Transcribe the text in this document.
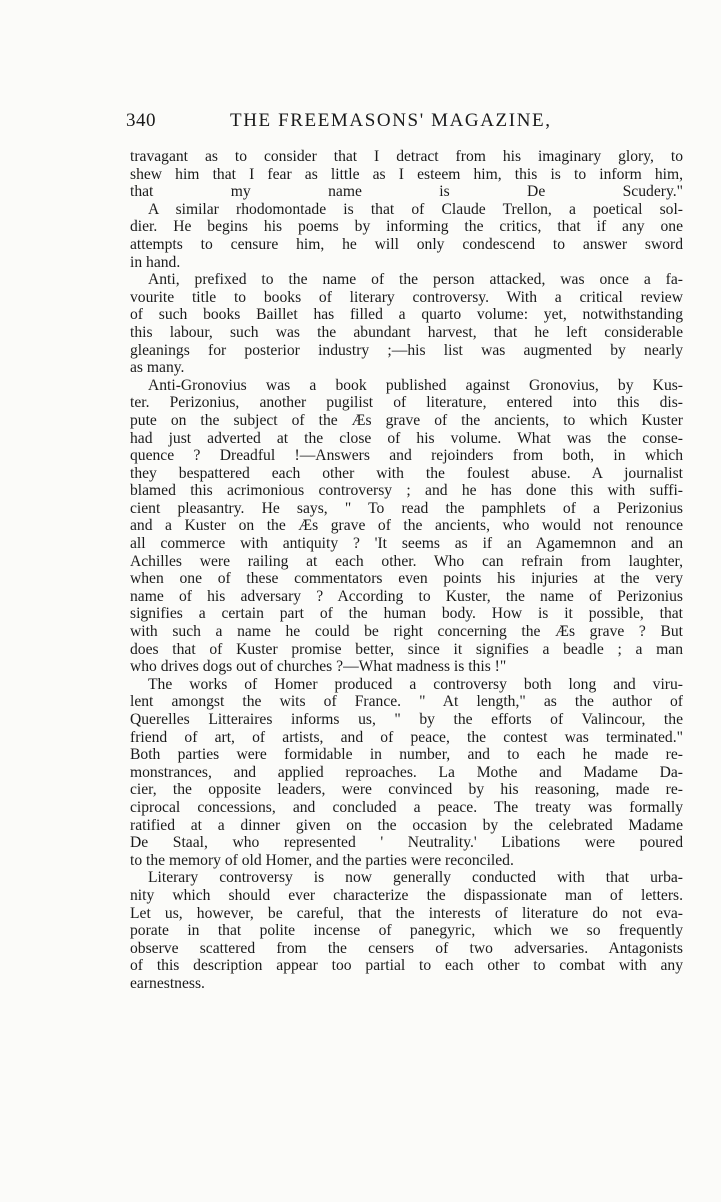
340	THE FREEMASONS' MAGAZINE,
travagant as to consider that I detract from his imaginary glory, to
shew him that I fear as little as I esteem him, this is to inform him,
that my name is De Scudery."
A similar rhodomontade is that of Claude Trellon, a poetical sol-
dier. He begins his poems by informing the critics, that if any one
attempts to censure him, he will only condescend to answer sword
in hand.
Anti, prefixed to the name of the person attacked, was once a fa-
vourite title to books of literary controversy. With a critical review
of such books Baillet has filled a quarto volume: yet, notwithstanding
this labour, such was the abundant harvest, that he left considerable
gleanings for posterior industry ;—his list was augmented by nearly
as many.
Anti-Gronovius was a book published against Gronovius, by Kus-
ter. Perizonius, another pugilist of literature, entered into this dis-
pute on the subject of the Æs grave of the ancients, to which Kuster
had just adverted at the close of his volume. What was the conse-
quence ? Dreadful !—Answers and rejoinders from both, in which
they bespattered each other with the foulest abuse. A journalist
blamed this acrimonious controversy ; and he has done this with suffi-
cient pleasantry. He says, " To read the pamphlets of a Perizonius
and a Kuster on the Æs grave of the ancients, who would not renounce
all commerce with antiquity ? 'It seems as if an Agamemnon and an
Achilles were railing at each other. Who can refrain from laughter,
when one of these commentators even points his injuries at the very
name of his adversary ? According to Kuster, the name of Perizonius
signifies a certain part of the human body. How is it possible, that
with such a name he could be right concerning the Æs grave ? But
does that of Kuster promise better, since it signifies a beadle ; a man
who drives dogs out of churches ?—What madness is this !"
The works of Homer produced a controversy both long and viru-
lent amongst the wits of France. " At length," as the author of
Querelles Litteraires informs us, " by the efforts of Valincour, the
friend of art, of artists, and of peace, the contest was terminated."
Both parties were formidable in number, and to each he made re-
monstrances, and applied reproaches. La Mothe and Madame Da-
cier, the opposite leaders, were convinced by his reasoning, made re-
ciprocal concessions, and concluded a peace. The treaty was formally
ratified at a dinner given on the occasion by the celebrated Madame
De Staal, who represented ' Neutrality.' Libations were poured
to the memory of old Homer, and the parties were reconciled.
Literary controversy is now generally conducted with that urba-
nity which should ever characterize the dispassionate man of letters.
Let us, however, be careful, that the interests of literature do not eva-
porate in that polite incense of panegyric, which we so frequently
observe scattered from the censers of two adversaries. Antagonists
of this description appear too partial to each other to combat with any
earnestness.
